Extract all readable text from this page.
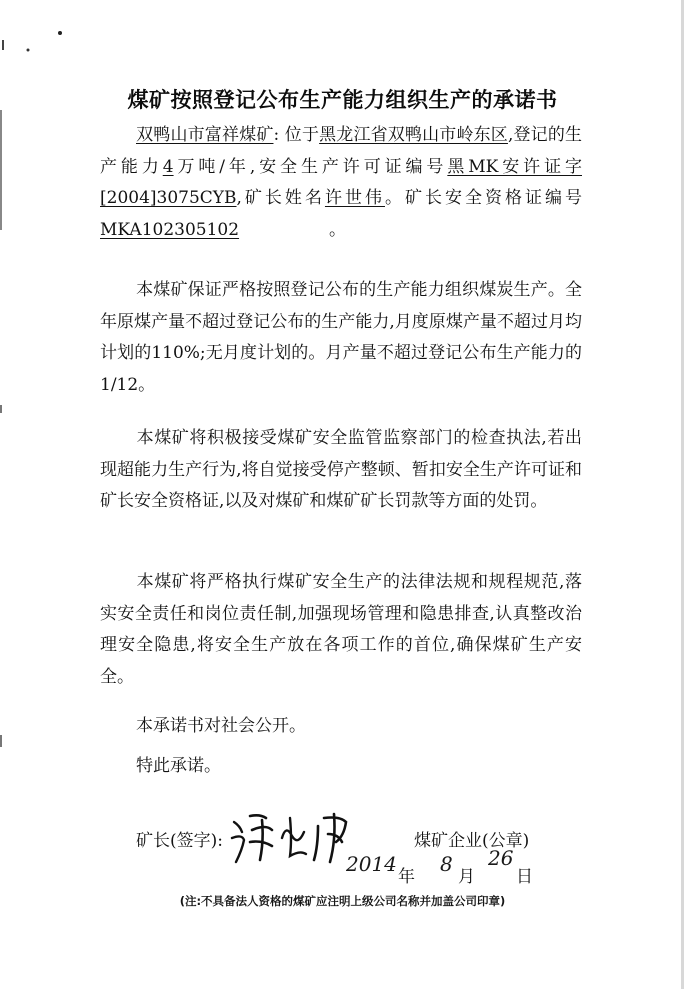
煤矿按照登记公布生产能力组织生产的承诺书

双鸭山市富祥煤矿: 位于黑龙江省双鸭山市岭东区,登记的生产能力4万吨/年,安全生产许可证编号黑MK安许证字[2004]3075CYB,矿长姓名许世伟。矿长安全资格证编号MKA102305102	。

本煤矿保证严格按照登记公布的生产能力组织煤炭生产。全年原煤产量不超过登记公布的生产能力,月度原煤产量不超过月均计划的110%;无月度计划的。月产量不超过登记公布生产能力的1/12。

本煤矿将积极接受煤矿安全监管监察部门的检查执法,若出现超能力生产行为,将自觉接受停产整顿、暂扣安全生产许可证和矿长安全资格证,以及对煤矿和煤矿矿长罚款等方面的处罚。

本煤矿将严格执行煤矿安全生产的法律法规和规程规范,落实安全责任和岗位责任制,加强现场管理和隐患排查,认真整改治理安全隐患,将安全生产放在各项工作的首位,确保煤矿生产安全。

本承诺书对社会公开。
特此承诺。
矿长(签字):	煤矿企业(公章)
2014
年
8
月
26
日
(注:不具备法人资格的煤矿应注明上级公司名称并加盖公司印章)
